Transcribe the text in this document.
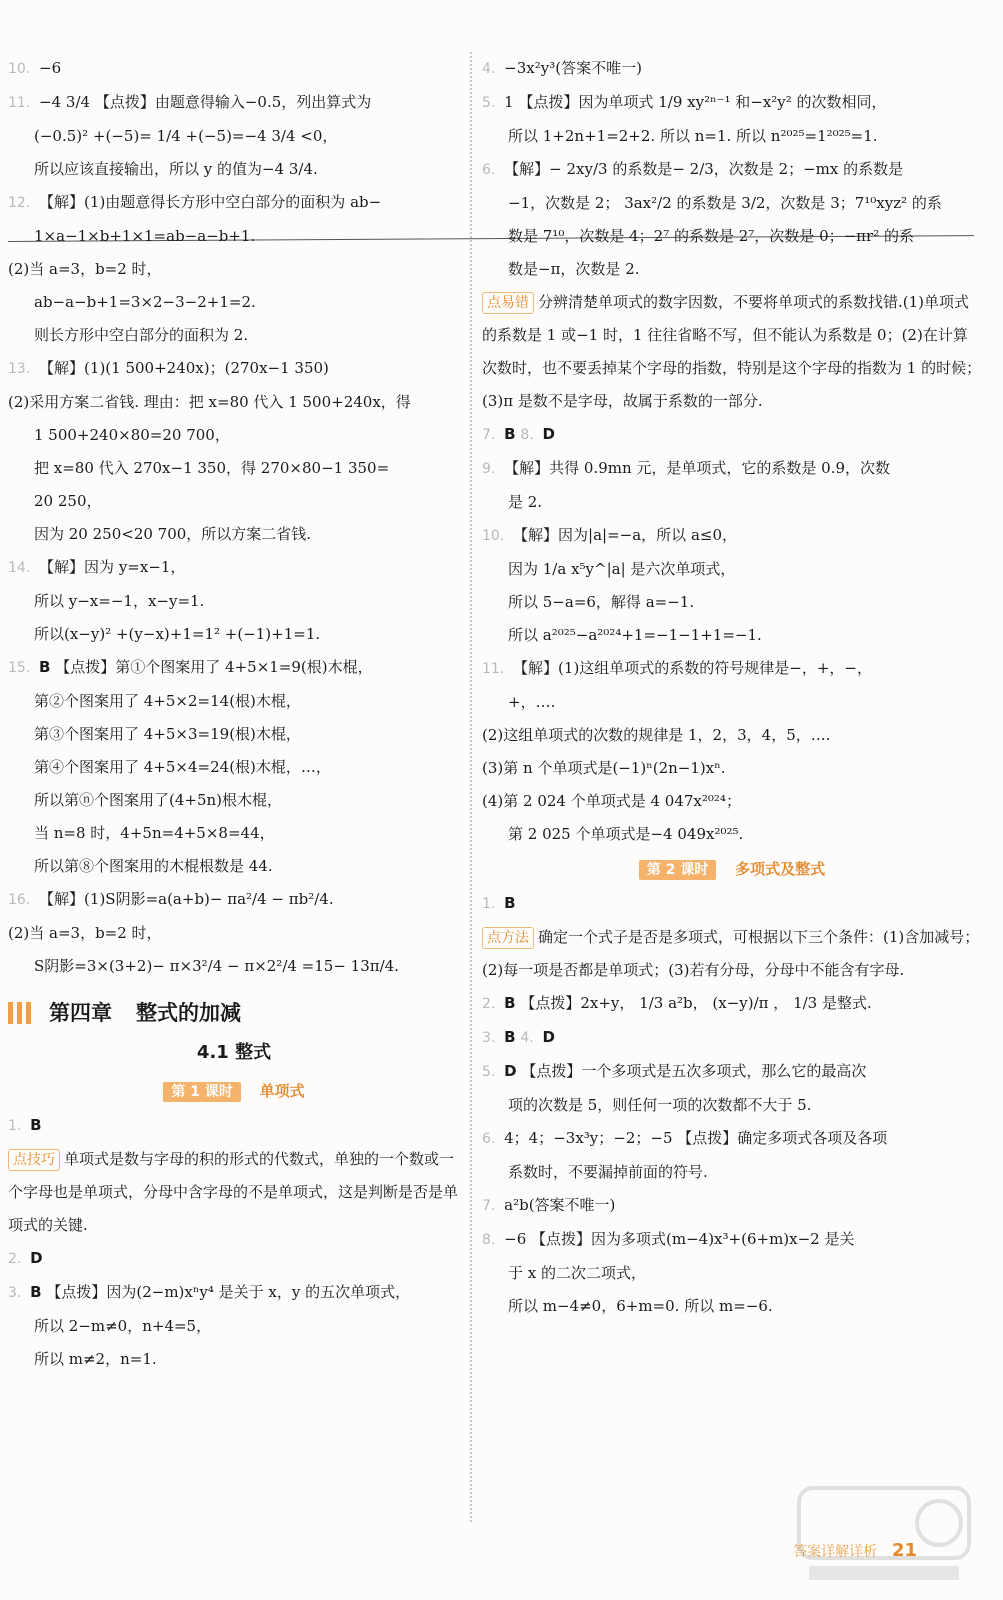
10. −6
11. −4 3/4 【点拨】由题意得输入−0.5，列出算式为
(−0.5)² +(−5)= 1/4 +(−5)=−4 3/4 <0，
所以应该直接输出，所以 y 的值为−4 3/4.
12. 【解】(1)由题意得长方形中空白部分的面积为 ab−
1×a−1×b+1×1=ab−a−b+1.
(2)当 a=3，b=2 时，
ab−a−b+1=3×2−3−2+1=2.
则长方形中空白部分的面积为 2.
13. 【解】(1)(1 500+240x)；(270x−1 350)
(2)采用方案二省钱. 理由：把 x=80 代入 1 500+240x，得
1 500+240×80=20 700，
把 x=80 代入 270x−1 350，得 270×80−1 350=
20 250，
因为 20 250<20 700，所以方案二省钱.
14. 【解】因为 y=x−1，
所以 y−x=−1，x−y=1.
所以(x−y)² +(y−x)+1=1² +(−1)+1=1.
15. B 【点拨】第①个图案用了 4+5×1=9(根)木棍，
第②个图案用了 4+5×2=14(根)木棍，
第③个图案用了 4+5×3=19(根)木棍，
第④个图案用了 4+5×4=24(根)木棍，…，
所以第ⓝ个图案用了(4+5n)根木棍，
当 n=8 时，4+5n=4+5×8=44，
所以第⑧个图案用的木棍根数是 44.
16. 【解】(1)S阴影=a(a+b)− πa²/4 − πb²/4.
(2)当 a=3，b=2 时，
S阴影=3×(3+2)− π×3²/4 − π×2²/4 =15− 13π/4.
第四章 整式的加减
4.1 整式
第 1 课时 单项式
1. B
点技巧 单项式是数与字母的积的形式的代数式，单独的一个数或一个字母也是单项式，分母中含字母的不是单项式，这是判断是否是单项式的关键.
2. D
3. B 【点拨】因为(2−m)xⁿy⁴ 是关于 x，y 的五次单项式，
所以 2−m≠0，n+4=5，
所以 m≠2，n=1.
4. −3x²y³(答案不唯一)
5. 1 【点拨】因为单项式 1/9 xy²ⁿ⁻¹ 和−x²y² 的次数相同，
所以 1+2n+1=2+2. 所以 n=1. 所以 n²⁰²⁵=1²⁰²⁵=1.
6. 【解】− 2xy/3 的系数是− 2/3，次数是 2；−mx 的系数是
−1，次数是 2； 3ax²/2 的系数是 3/2，次数是 3；7¹⁰xyz² 的系
数是 7¹⁰，次数是 4；2⁷ 的系数是 2⁷，次数是 0；−πr² 的系
数是−π，次数是 2.
点易错 分辨清楚单项式的数字因数，不要将单项式的系数找错.(1)单项式的系数是 1 或−1 时，1 往往省略不写，但不能认为系数是 0；(2)在计算次数时，也不要丢掉某个字母的指数，特别是这个字母的指数为 1 的时候；(3)π 是数不是字母，故属于系数的一部分.
7. B 8. D
9. 【解】共得 0.9mn 元，是单项式，它的系数是 0.9，次数
是 2.
10. 【解】因为|a|=−a，所以 a≤0，
因为 1/a x⁵y^|a| 是六次单项式，
所以 5−a=6，解得 a=−1.
所以 a²⁰²⁵−a²⁰²⁴+1=−1−1+1=−1.
11. 【解】(1)这组单项式的系数的符号规律是−，+，−，
+，….
(2)这组单项式的次数的规律是 1，2，3，4，5，….
(3)第 n 个单项式是(−1)ⁿ(2n−1)xⁿ.
(4)第 2 024 个单项式是 4 047x²⁰²⁴；
第 2 025 个单项式是−4 049x²⁰²⁵.
第 2 课时 多项式及整式
1. B
点方法 确定一个式子是否是多项式，可根据以下三个条件：(1)含加减号；(2)每一项是否都是单项式；(3)若有分母，分母中不能含有字母.
2. B 【点拨】2x+y， 1/3 a²b， (x−y)/π ， 1/3 是整式.
3. B 4. D
5. D 【点拨】一个多项式是五次多项式，那么它的最高次
项的次数是 5，则任何一项的次数都不大于 5.
6. 4；4；−3x³y；−2；−5 【点拨】确定多项式各项及各项
系数时，不要漏掉前面的符号.
7. a²b(答案不唯一)
8. −6 【点拨】因为多项式(m−4)x³+(6+m)x−2 是关
于 x 的二次二项式，
所以 m−4≠0，6+m=0. 所以 m=−6.
答案详解详析 21
